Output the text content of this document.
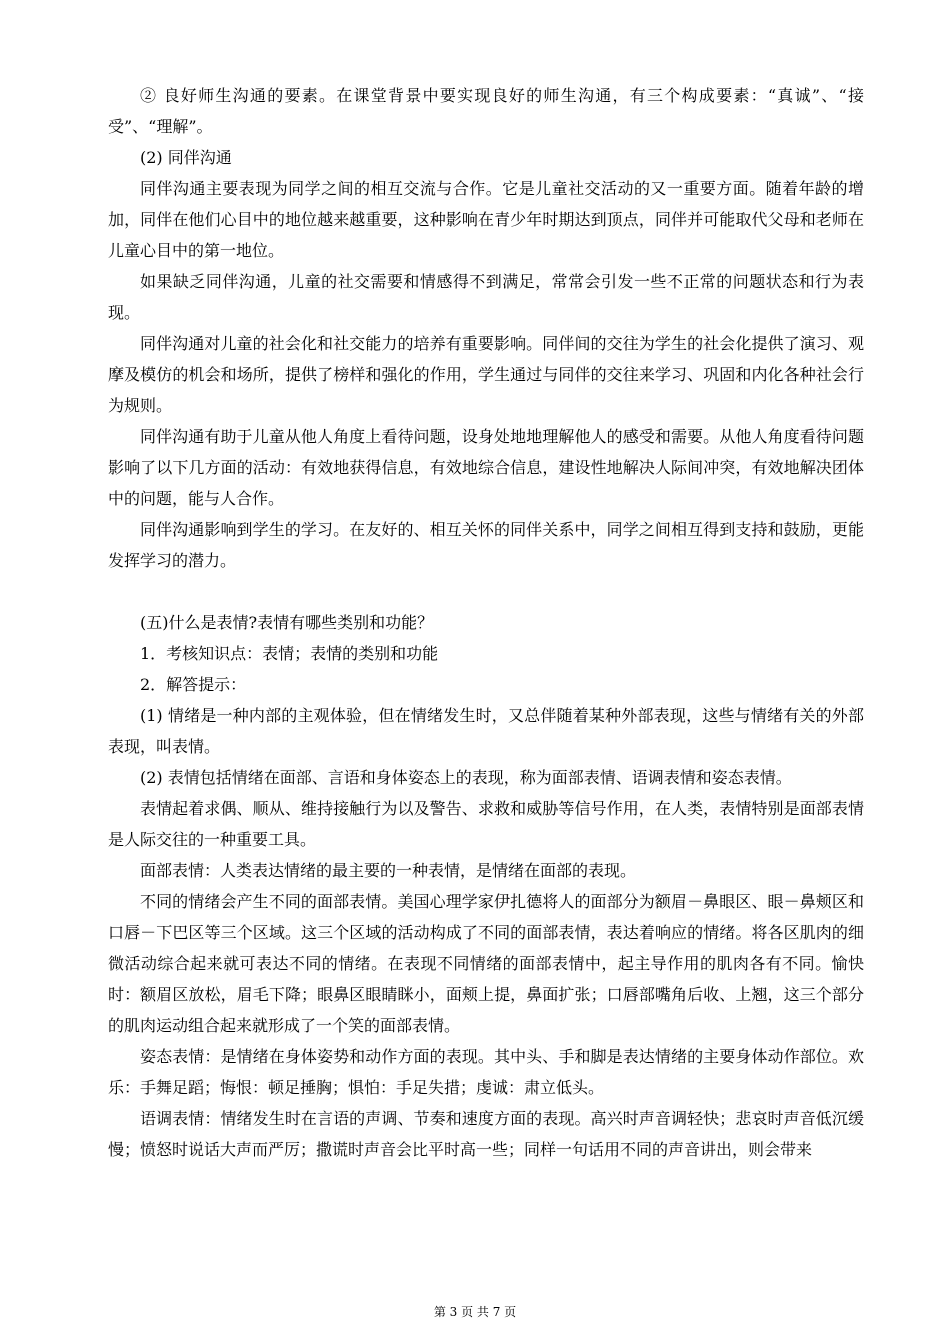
② 良好师生沟通的要素。在课堂背景中要实现良好的师生沟通，有三个构成要素：“真诚”、“接受”、“理解”。

(2) 同伴沟通

同伴沟通主要表现为同学之间的相互交流与合作。它是儿童社交活动的又一重要方面。随着年龄的增加，同伴在他们心目中的地位越来越重要，这种影响在青少年时期达到顶点，同伴并可能取代父母和老师在儿童心目中的第一地位。

如果缺乏同伴沟通，儿童的社交需要和情感得不到满足，常常会引发一些不正常的问题状态和行为表现。

同伴沟通对儿童的社会化和社交能力的培养有重要影响。同伴间的交往为学生的社会化提供了演习、观摩及模仿的机会和场所，提供了榜样和强化的作用，学生通过与同伴的交往来学习、巩固和内化各种社会行为规则。

同伴沟通有助于儿童从他人角度上看待问题，设身处地地理解他人的感受和需要。从他人角度看待问题影响了以下几方面的活动：有效地获得信息，有效地综合信息，建设性地解决人际间冲突，有效地解决团体中的问题，能与人合作。

同伴沟通影响到学生的学习。在友好的、相互关怀的同伴关系中，同学之间相互得到支持和鼓励，更能发挥学习的潜力。

(五)什么是表情?表情有哪些类别和功能？

1．考核知识点：表情；表情的类别和功能

2．解答提示：

(1) 情绪是一种内部的主观体验，但在情绪发生时，又总伴随着某种外部表现，这些与情绪有关的外部表现，叫表情。

(2) 表情包括情绪在面部、言语和身体姿态上的表现，称为面部表情、语调表情和姿态表情。

表情起着求偶、顺从、维持接触行为以及警告、求救和威胁等信号作用，在人类，表情特别是面部表情是人际交往的一种重要工具。

面部表情：人类表达情绪的最主要的一种表情，是情绪在面部的表现。

不同的情绪会产生不同的面部表情。美国心理学家伊扎德将人的面部分为额眉－鼻眼区、眼－鼻颊区和口唇－下巴区等三个区域。这三个区域的活动构成了不同的面部表情，表达着响应的情绪。将各区肌肉的细微活动综合起来就可表达不同的情绪。在表现不同情绪的面部表情中，起主导作用的肌肉各有不同。愉快时：额眉区放松，眉毛下降；眼鼻区眼睛眯小，面颊上提，鼻面扩张；口唇部嘴角后收、上翘，这三个部分的肌肉运动组合起来就形成了一个笑的面部表情。

姿态表情：是情绪在身体姿势和动作方面的表现。其中头、手和脚是表达情绪的主要身体动作部位。欢乐：手舞足蹈；悔恨：顿足捶胸；惧怕：手足失措；虔诚：肃立低头。

语调表情：情绪发生时在言语的声调、节奏和速度方面的表现。高兴时声音调轻快；悲哀时声音低沉缓慢；愤怒时说话大声而严厉；撒谎时声音会比平时高一些；同样一句话用不同的声音讲出，则会带来

第 3 页 共 7 页
